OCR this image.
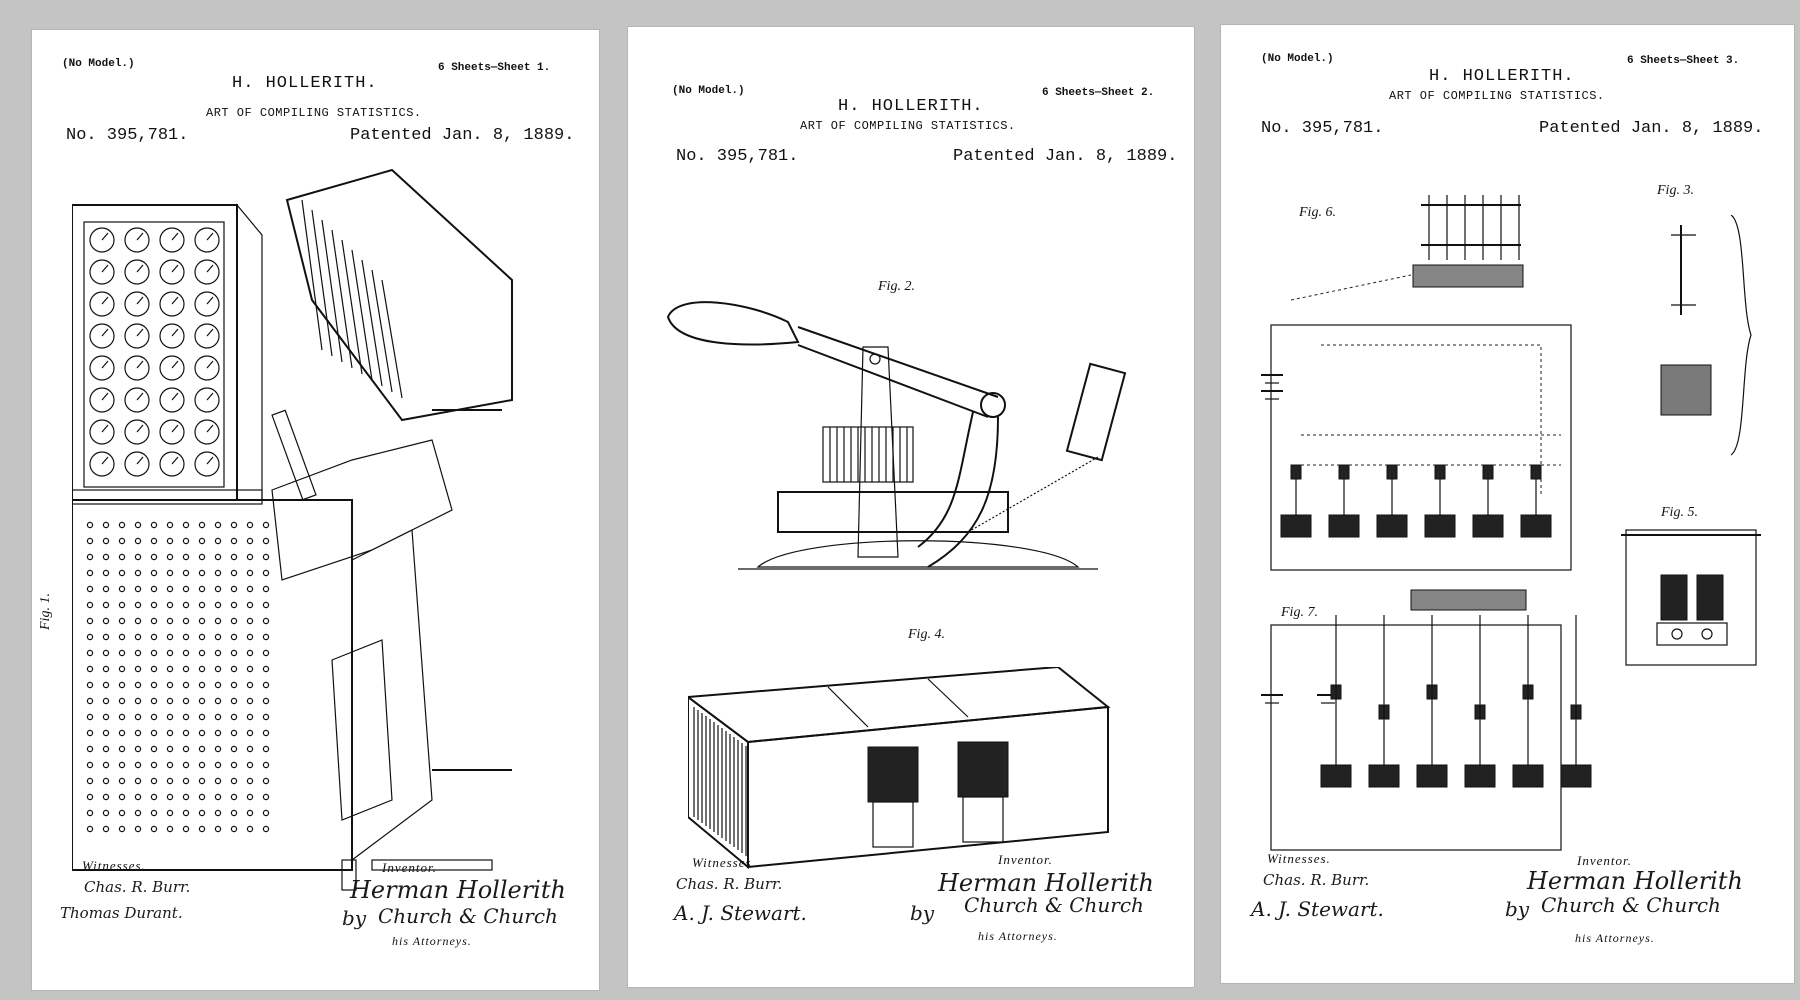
(No Model.)	6 Sheets—Sheet 1.
H. HOLLERITH.
ART OF COMPILING STATISTICS.
No. 395,781.	Patented Jan. 8, 1889.
Fig. 1.
Witnesses.
Chas. R. Burr.
Thomas Durant.
Inventor.
Herman Hollerith
by Church & Church
his Attorneys.
(No Model.)	6 Sheets—Sheet 2.
H. HOLLERITH.
ART OF COMPILING STATISTICS.
No. 395,781.	Patented Jan. 8, 1889.
Fig. 2.
Fig. 4.
Witnesses.
Chas. R. Burr.
A. J. Stewart.
Inventor.
Herman Hollerith
by Church & Church
his Attorneys.
(No Model.)	6 Sheets—Sheet 3.
H. HOLLERITH.
ART OF COMPILING STATISTICS.
No. 395,781.	Patented Jan. 8, 1889.
Fig. 6.
Fig. 3.
Fig. 5.
Fig. 7.
Witnesses.
Chas. R. Burr.
A. J. Stewart.
Inventor.
Herman Hollerith
by Church & Church
his Attorneys.
